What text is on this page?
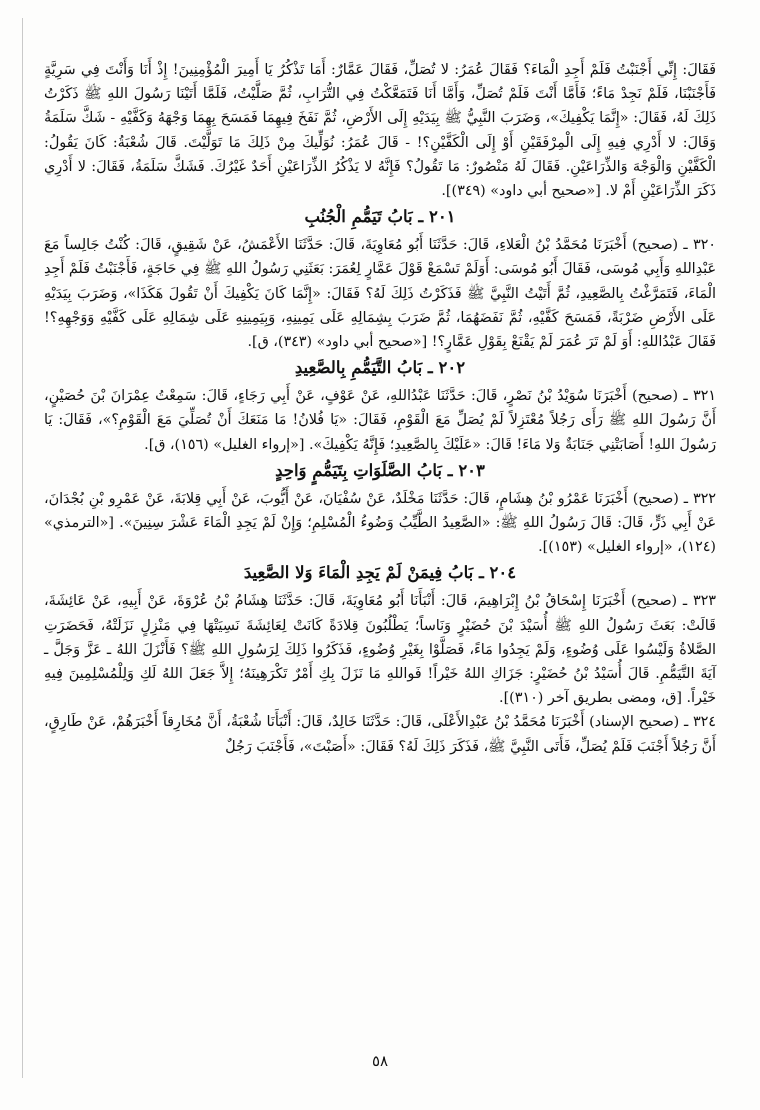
فَقَالَ: إِنِّي أَجْنَبْتُ فَلَمْ أَجِدِ الْمَاءَ؟ فَقَالَ عُمَرُ: لا تُصَلِّ، فَقَالَ عَمَّارٌ: أَمَا تَذْكُرُ يَا أَمِيرَ الْمُؤْمِنِينَ! إِذْ أَنَا وَأَنْتَ فِي سَرِيَّةٍ فَأَجْنَبْنَا، فَلَمْ نَجِدْ مَاءً؛ فَأَمَّا أَنْتَ فَلَمْ تُصَلِّ، وَأَمَّا أَنَا فَتَمَعَّكْتُ فِي التُّرَابِ، ثُمَّ صَلَّيْتُ، فَلَمَّا أَتَيْنَا رَسُولَ اللهِ ﷺ ذَكَرْتُ ذَلِكَ لَهُ، فَقَالَ: «إِنَّمَا يَكْفِيكَ»، وَضَرَبَ النَّبِيُّ ﷺ بِيَدَيْهِ إِلَى الأَرْضِ، ثُمَّ نَفَخَ فِيهِمَا فَمَسَحَ بِهِمَا وَجْهَهُ وَكَفَّيْهِ - شَكَّ سَلَمَةُ وَقَالَ: لا أَدْرِي فِيهِ إِلَى الْمِرْفَقَيْنِ أَوْ إِلَى الْكَفَّيْنِ؟! - قَالَ عُمَرُ: نُوَلِّيكَ مِنْ ذَلِكَ مَا تَوَلَّيْتَ. قَالَ شُعْبَةُ: كَانَ يَقُولُ: الْكَفَّيْنِ وَالْوَجْهَ وَالذِّرَاعَيْنِ. فَقَالَ لَهُ مَنْصُورٌ: مَا تَقُولُ؟ فَإِنَّهُ لا يَذْكُرُ الذِّرَاعَيْنِ أَحَدٌ غَيْرُكَ. فَشَكَّ سَلَمَةُ، فَقَالَ: لا أَدْرِي ذَكَرَ الذِّرَاعَيْنِ أَمْ لا. [«صحيح أبي داود» (٣٤٩)].

٢٠١ ـ بَابُ تَيَمُّمِ الْجُنُبِ

٣٢٠ ـ (صحيح) أَخْبَرَنَا مُحَمَّدُ بْنُ الْعَلاءِ، قَالَ: حَدَّثَنَا أَبُو مُعَاوِيَةَ، قَالَ: حَدَّثَنَا الأَعْمَشُ، عَنْ شَقِيقٍ، قَالَ: كُنْتُ جَالِساً مَعَ عَبْدِاللهِ وَأَبِي مُوسَى، فَقَالَ أَبُو مُوسَى: أَوَلَمْ تَسْمَعْ قَوْلَ عَمَّارٍ لِعُمَرَ: بَعَثَنِي رَسُولُ اللهِ ﷺ فِي حَاجَةٍ، فَأَجْنَبْتُ فَلَمْ أَجِدِ الْمَاءَ، فَتَمَرَّغْتُ بِالصَّعِيدِ، ثُمَّ أَتَيْتُ النَّبِيَّ ﷺ فَذَكَرْتُ ذَلِكَ لَهُ؟ فَقَالَ: «إِنَّمَا كَانَ يَكْفِيكَ أَنْ تَقُولَ هَكَذَا»، وَضَرَبَ بِيَدَيْهِ عَلَى الأَرْضِ ضَرْبَةً، فَمَسَحَ كَفَّيْهِ، ثُمَّ نَفَضَهُمَا، ثُمَّ ضَرَبَ بِشِمَالِهِ عَلَى يَمِينِهِ، وَبِيَمِينِهِ عَلَى شِمَالِهِ عَلَى كَفَّيْهِ وَوَجْهِهِ؟! فَقَالَ عَبْدُاللهِ: أَوَ لَمْ تَرَ عُمَرَ لَمْ يَقْنَعْ بِقَوْلِ عَمَّارٍ؟! [«صحيح أبي داود» (٣٤٣)، ق].

٢٠٢ ـ بَابُ التَّيَمُّمِ بِالصَّعِيدِ

٣٢١ ـ (صحيح) أَخْبَرَنَا سُوَيْدُ بْنُ نَصْرٍ، قَالَ: حَدَّثَنَا عَبْدُاللهِ، عَنْ عَوْفٍ، عَنْ أَبِي رَجَاءٍ، قَالَ: سَمِعْتُ عِمْرَانَ بْنَ حُصَيْنٍ، أَنَّ رَسُولَ اللهِ ﷺ رَأَى رَجُلاً مُعْتَزِلاً لَمْ يُصَلِّ مَعَ الْقَوْمِ، فَقَالَ: «يَا فُلانُ! مَا مَنَعَكَ أَنْ تُصَلِّيَ مَعَ الْقَوْمِ؟»، فَقَالَ: يَا رَسُولَ اللهِ! أَصَابَتْنِي جَنَابَةٌ وَلا مَاءَ! قَالَ: «عَلَيْكَ بِالصَّعِيدِ؛ فَإِنَّهُ يَكْفِيكَ». [«إرواء الغليل» (١٥٦)، ق].

٢٠٣ ـ بَابُ الصَّلَوَاتِ بِتَيَمُّمٍ وَاحِدٍ

٣٢٢ ـ (صحيح) أَخْبَرَنَا عَمْرُو بْنُ هِشَامٍ، قَالَ: حَدَّثَنَا مَخْلَدٌ، عَنْ سُفْيَانَ، عَنْ أَيُّوبَ، عَنْ أَبِي قِلابَةَ، عَنْ عَمْرِو بْنِ بُجْدَانَ، عَنْ أَبِي ذَرٍّ، قَالَ: قَالَ رَسُولُ اللهِ ﷺ: «الصَّعِيدُ الطَّيِّبُ وَضُوءُ الْمُسْلِمِ؛ وَإِنْ لَمْ يَجِدِ الْمَاءَ عَشْرَ سِنِينَ». [«الترمذي» (١٢٤)، «إرواء الغليل» (١٥٣)].

٢٠٤ ـ بَابُ فِيمَنْ لَمْ يَجِدِ الْمَاءَ وَلا الصَّعِيدَ

٣٢٣ ـ (صحيح) أَخْبَرَنَا إِسْحَاقُ بْنُ إِبْرَاهِيمَ، قَالَ: أَنْبَأَنَا أَبُو مُعَاوِيَةَ، قَالَ: حَدَّثَنَا هِشَامُ بْنُ عُرْوَةَ، عَنْ أَبِيهِ، عَنْ عَائِشَةَ، قَالَتْ: بَعَثَ رَسُولُ اللهِ ﷺ أُسَيْدَ بْنَ حُضَيْرٍ وَنَاساً؛ يَطْلُبُونَ قِلادَةً كَانَتْ لِعَائِشَةَ نَسِيَتْهَا فِي مَنْزِلٍ نَزَلَتْهُ، فَحَضَرَتِ الصَّلاةُ وَلَيْسُوا عَلَى وُضُوءٍ، وَلَمْ يَجِدُوا مَاءً، فَصَلَّوْا بِغَيْرِ وُضُوءٍ، فَذَكَرُوا ذَلِكَ لِرَسُولِ اللهِ ﷺ؟ فَأَنْزَلَ اللهُ ـ عَزَّ وَجَلَّ ـ آيَةَ التَّيَمُّمِ. قَالَ أُسَيْدُ بْنُ حُضَيْرٍ: جَزَاكِ اللهُ خَيْراً! فَواللهِ مَا نَزَلَ بِكِ أَمْرٌ تَكْرَهِينَهُ؛ إِلاَّ جَعَلَ اللهُ لَكِ وَلِلْمُسْلِمِينَ فِيهِ خَيْراً. [ق، ومضى بطريق آخر (٣١٠)].

٣٢٤ ـ (صحيح الإسناد) أَخْبَرَنَا مُحَمَّدُ بْنُ عَبْدِالأَعْلَى، قَالَ: حَدَّثَنَا خَالِدٌ، قَالَ: أَنْبَأَنَا شُعْبَةُ، أَنَّ مُخَارِقاً أَخْبَرَهُمْ، عَنْ طَارِقٍ، أَنَّ رَجُلاً أَجْنَبَ فَلَمْ يُصَلِّ، فَأَتَى النَّبِيَّ ﷺ، فَذَكَرَ ذَلِكَ لَهُ؟ فَقَالَ: «أَصَبْتَ»، فَأَجْنَبَ رَجُلٌ

٥٨
